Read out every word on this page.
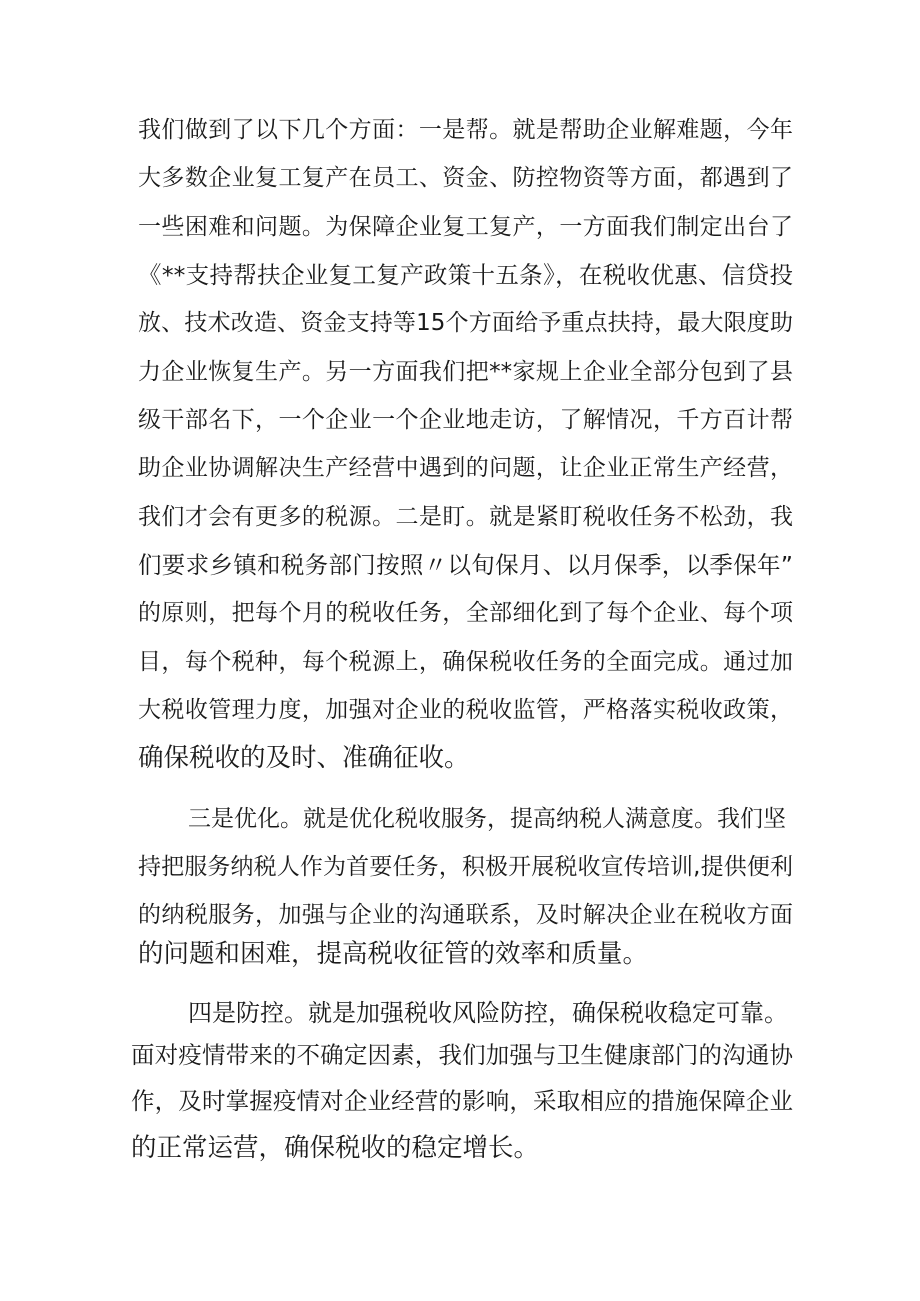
我们做到了以下几个方面：一是帮。就是帮助企业解难题，今年
大多数企业复工复产在员工、资金、防控物资等方面，都遇到了
一些困难和问题。为保障企业复工复产，一方面我们制定出台了
《**支持帮扶企业复工复产政策十五条》，在税收优惠、信贷投
放、技术改造、资金支持等15个方面给予重点扶持，最大限度助
力企业恢复生产。另一方面我们把**家规上企业全部分包到了县
级干部名下，一个企业一个企业地走访，了解情况，千方百计帮
助企业协调解决生产经营中遇到的问题，让企业正常生产经营，
我们才会有更多的税源。二是盯。就是紧盯税收任务不松劲，我
们要求乡镇和税务部门按照〃以旬保月、以月保季，以季保年”
的原则，把每个月的税收任务，全部细化到了每个企业、每个项
目，每个税种，每个税源上，确保税收任务的全面完成。通过加
大税收管理力度，加强对企业的税收监管，严格落实税收政策，
确保税收的及时、准确征收。
三是优化。就是优化税收服务，提高纳税人满意度。我们坚
持把服务纳税人作为首要任务，积极开展税收宣传培训,提供便利
的纳税服务，加强与企业的沟通联系，及时解决企业在税收方面
的问题和困难，提高税收征管的效率和质量。
四是防控。就是加强税收风险防控，确保税收稳定可靠。
面对疫情带来的不确定因素，我们加强与卫生健康部门的沟通协
作，及时掌握疫情对企业经营的影响，采取相应的措施保障企业
的正常运营，确保税收的稳定增长。
